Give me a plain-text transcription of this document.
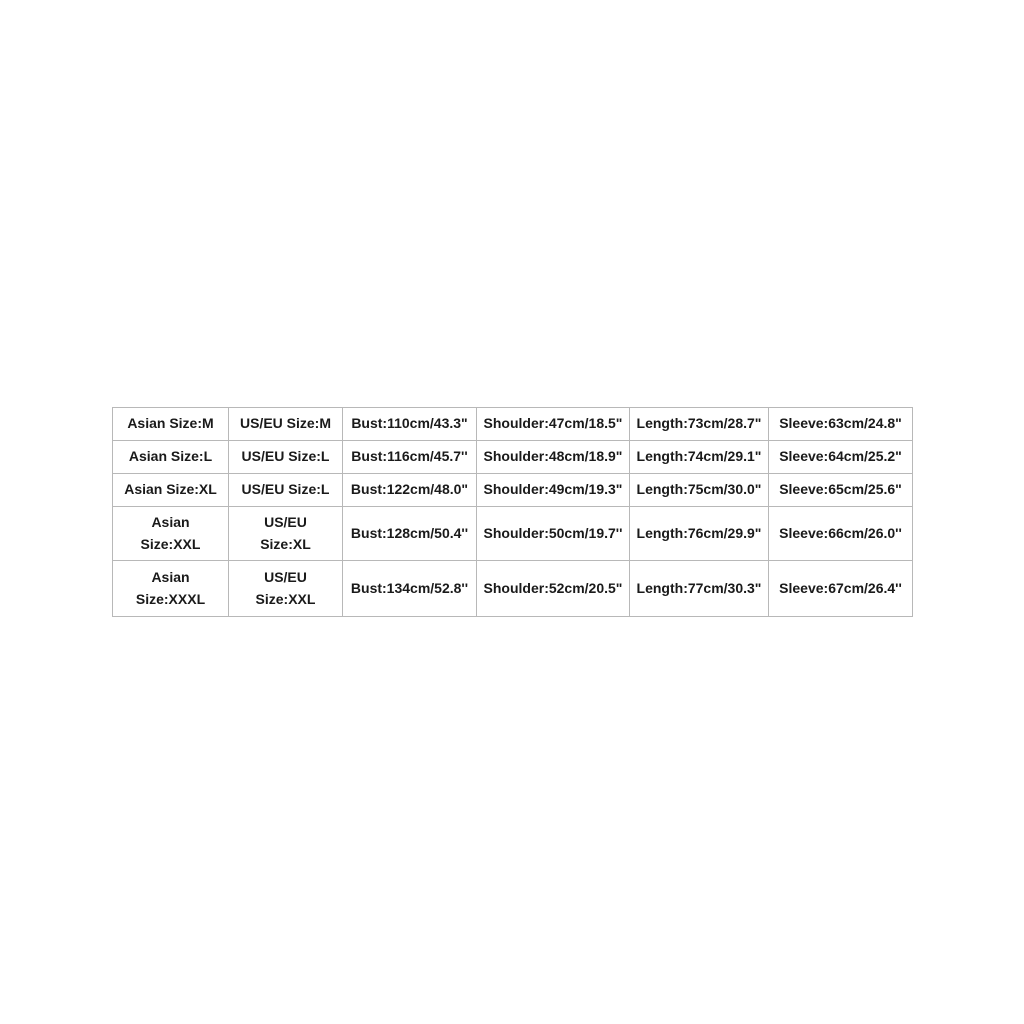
Asian Size:M	US/EU Size:M	Bust:110cm/43.3"	Shoulder:47cm/18.5"	Length:73cm/28.7"	Sleeve:63cm/24.8"
Asian Size:L	US/EU Size:L	Bust:116cm/45.7''	Shoulder:48cm/18.9"	Length:74cm/29.1"	Sleeve:64cm/25.2"
Asian Size:XL	US/EU Size:L	Bust:122cm/48.0"	Shoulder:49cm/19.3"	Length:75cm/30.0"	Sleeve:65cm/25.6"
Asian Size:XXL	US/EU Size:XL	Bust:128cm/50.4''	Shoulder:50cm/19.7''	Length:76cm/29.9"	Sleeve:66cm/26.0''
Asian Size:XXXL	US/EU Size:XXL	Bust:134cm/52.8''	Shoulder:52cm/20.5"	Length:77cm/30.3"	Sleeve:67cm/26.4''
